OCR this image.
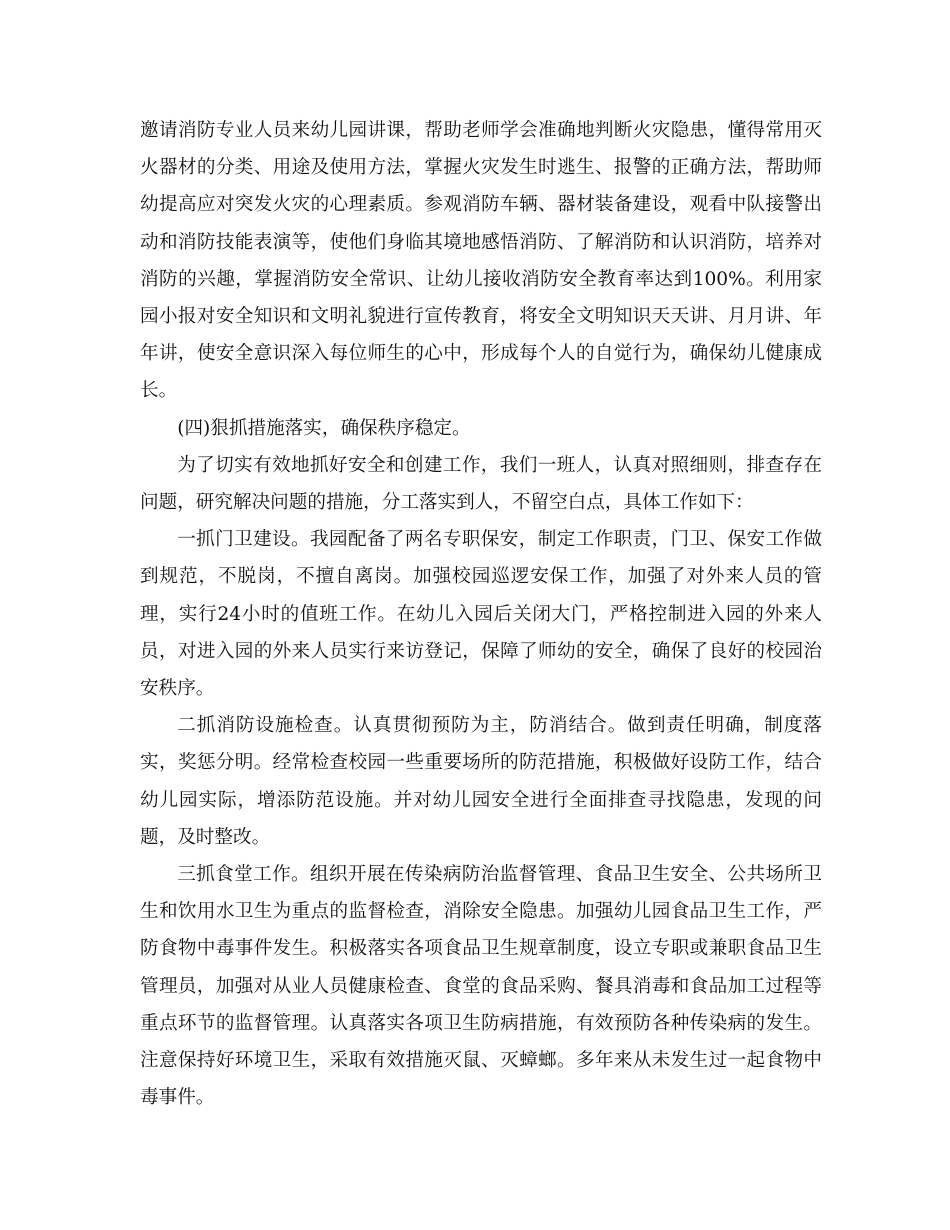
邀请消防专业人员来幼儿园讲课，帮助老师学会准确地判断火灾隐患，懂得常用灭火器材的分类、用途及使用方法，掌握火灾发生时逃生、报警的正确方法，帮助师幼提高应对突发火灾的心理素质。参观消防车辆、器材装备建设，观看中队接警出动和消防技能表演等，使他们身临其境地感悟消防、了解消防和认识消防，培养对消防的兴趣，掌握消防安全常识、让幼儿接收消防安全教育率达到100%。利用家园小报对安全知识和文明礼貌进行宣传教育，将安全文明知识天天讲、月月讲、年年讲，使安全意识深入每位师生的心中，形成每个人的自觉行为，确保幼儿健康成长。

(四)狠抓措施落实，确保秩序稳定。

为了切实有效地抓好安全和创建工作，我们一班人，认真对照细则，排查存在问题，研究解决问题的措施，分工落实到人，不留空白点，具体工作如下：

一抓门卫建设。我园配备了两名专职保安，制定工作职责，门卫、保安工作做到规范，不脱岗，不擅自离岗。加强校园巡逻安保工作，加强了对外来人员的管理，实行24小时的值班工作。在幼儿入园后关闭大门，严格控制进入园的外来人员，对进入园的外来人员实行来访登记，保障了师幼的安全，确保了良好的校园治安秩序。

二抓消防设施检查。认真贯彻预防为主，防消结合。做到责任明确，制度落实，奖惩分明。经常检查校园一些重要场所的防范措施，积极做好设防工作，结合幼儿园实际，增添防范设施。并对幼儿园安全进行全面排查寻找隐患，发现的问题，及时整改。

三抓食堂工作。组织开展在传染病防治监督管理、食品卫生安全、公共场所卫生和饮用水卫生为重点的监督检查，消除安全隐患。加强幼儿园食品卫生工作，严防食物中毒事件发生。积极落实各项食品卫生规章制度，设立专职或兼职食品卫生管理员，加强对从业人员健康检查、食堂的食品采购、餐具消毒和食品加工过程等重点环节的监督管理。认真落实各项卫生防病措施，有效预防各种传染病的发生。注意保持好环境卫生，采取有效措施灭鼠、灭蟑螂。多年来从未发生过一起食物中毒事件。
